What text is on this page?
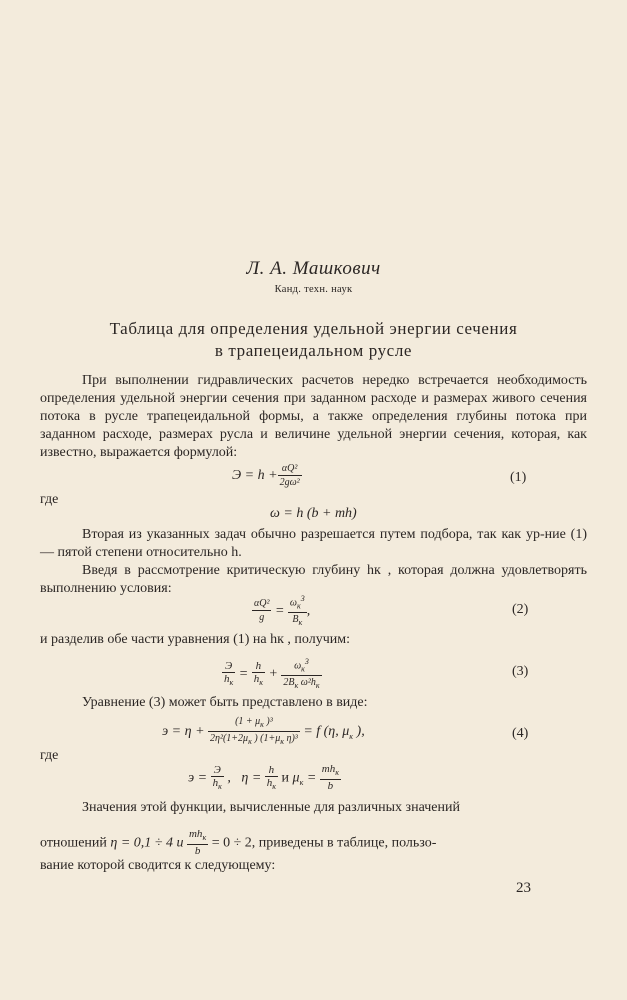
Л. А. Машкович
Канд. техн. наук
Таблица для определения удельной энергии сечения
в трапецеидальном русле
При выполнении гидравлических расчетов нередко встречается необходимость определения удельной энергии сечения при заданном расходе и размерах живого сечения потока в русле трапецеидальной формы, а также определения глубины потока при заданном расходе, размерах русла и величине удельной энергии сечения, которая, как известно, выражается формулой:
$Э = h + \frac{\text{αQ²}}{\text{2gω²}}$	(1)
где
ω = h (b + mh)
Вторая из указанных задач обычно разрешается путем подбора, так как ур-ние (1) — пятой степени относительно h.
Введя в рассмотрение критическую глубину hк , которая должна удовлетворять выполнению условия:
$\frac{\text{αQ²}}{g} = \frac{\omega_к^3}{B_к}$ ,	(2)
и разделив обе части уравнения (1) на hк , получим:
$\frac{Э}{h_к} = \frac{h}{h_к} + \frac{\omega_к^3}{2B_к \omega^2h_к}$	(3)
Уравнение (3) может быть представлено в виде:
$э = \eta + \frac{(1 + \mu_к )^3}{2\eta^2(1+2\mu_к ) (1+\mu_к \eta)^3} = f$ (η, $\mu_к$ ),	(4)
где
$э = \frac{Э}{h_к}$ ,   $\eta = \frac{h}{h_к}$ и $\mu_к = \frac{mh_к}{b}$
Значения этой функции, вычисленные для различных значений
отношений η = 0,1 ÷ 4 и $\frac{mh_к}{b} = 0 \div 2$, приведены в таблице, пользо-
вание которой сводится к следующему:
23
